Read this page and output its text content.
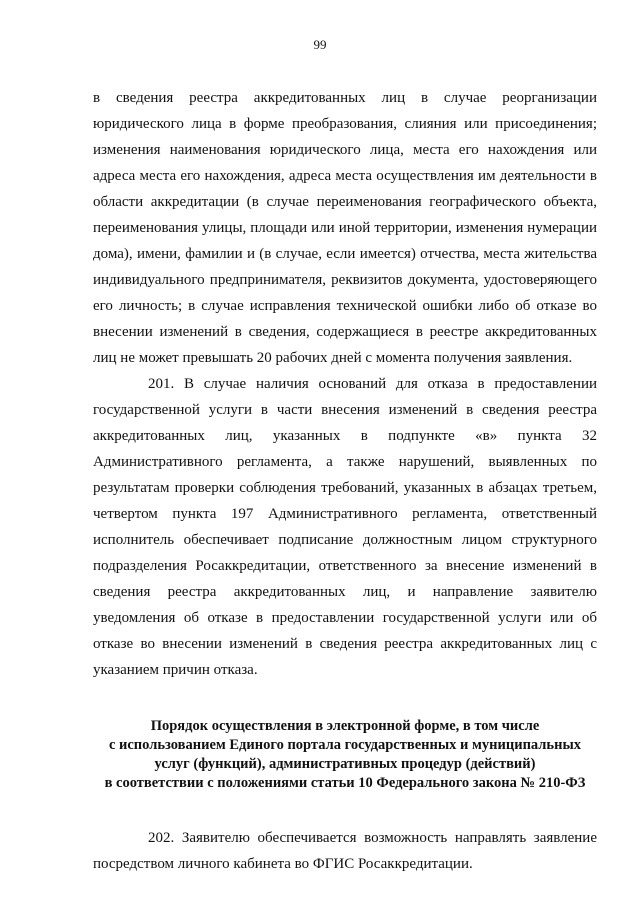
99

в сведения реестра аккредитованных лиц в случае реорганизации юридического лица в форме преобразования, слияния или присоединения; изменения наименования юридического лица, места его нахождения или адреса места его нахождения, адреса места осуществления им деятельности в области аккредитации (в случае переименования географического объекта, переименования улицы, площади или иной территории, изменения нумерации дома), имени, фамилии и (в случае, если имеется) отчества, места жительства индивидуального предпринимателя, реквизитов документа, удостоверяющего его личность; в случае исправления технической ошибки либо об отказе во внесении изменений в сведения, содержащиеся в реестре аккредитованных лиц не может превышать 20 рабочих дней с момента получения заявления.

201. В случае наличия оснований для отказа в предоставлении государственной услуги в части внесения изменений в сведения реестра аккредитованных лиц, указанных в подпункте «в» пункта 32 Административного регламента, а также нарушений, выявленных по результатам проверки соблюдения требований, указанных в абзацах третьем, четвертом пункта 197 Административного регламента, ответственный исполнитель обеспечивает подписание должностным лицом структурного подразделения Росаккредитации, ответственного за внесение изменений в сведения реестра аккредитованных лиц, и направление заявителю уведомления об отказе в предоставлении государственной услуги или об отказе во внесении изменений в сведения реестра аккредитованных лиц с указанием причин отказа.

Порядок осуществления в электронной форме, в том числе
с использованием Единого портала государственных и муниципальных
услуг (функций), административных процедур (действий)
в соответствии с положениями статьи 10 Федерального закона № 210-ФЗ

202. Заявителю обеспечивается возможность направлять заявление посредством личного кабинета во ФГИС Росаккредитации.
